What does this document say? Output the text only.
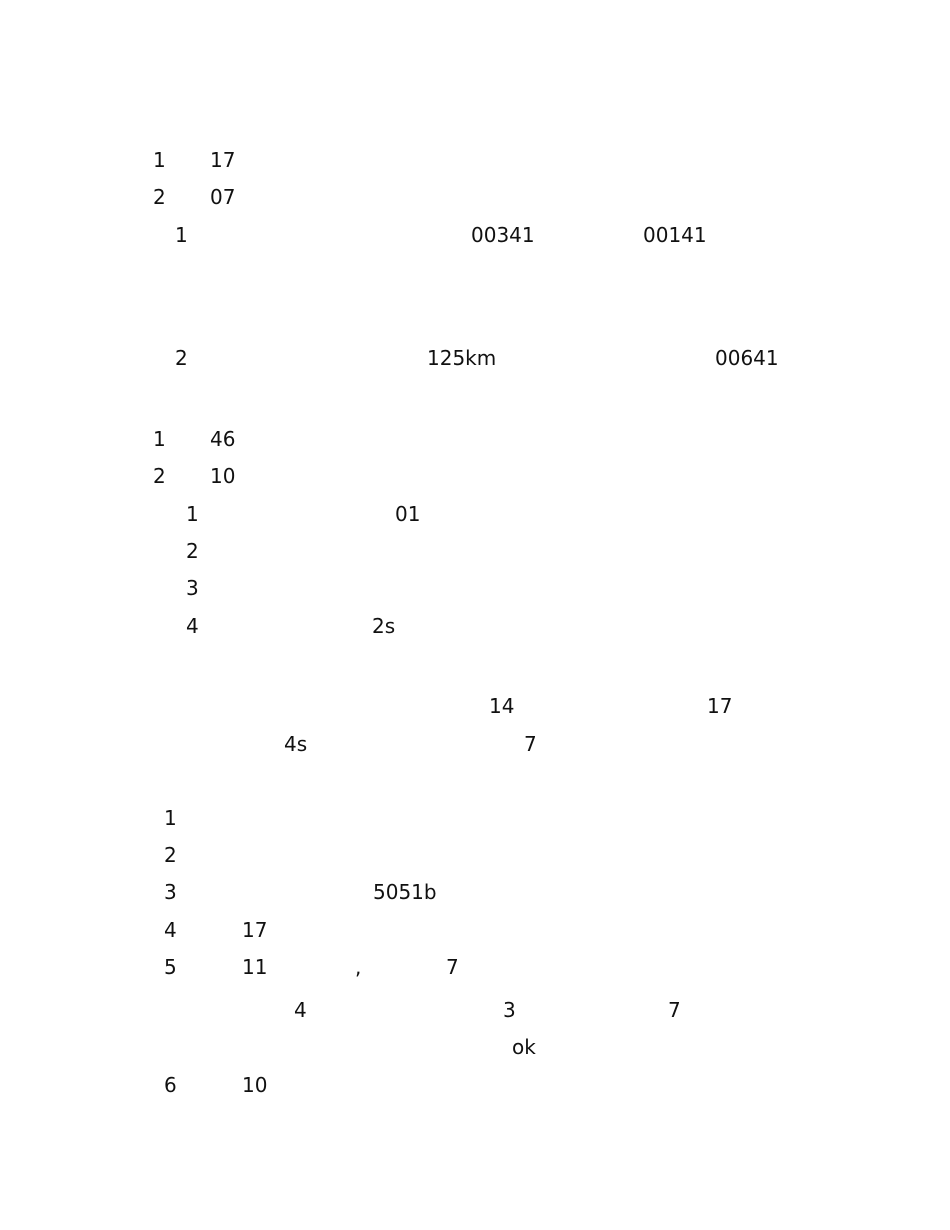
1 17
2 07
1	00341	00141
2	125km	00641
1 46
2 10
1	01
2
3
4	2s
14	17
4s	7
1
2
3	5051b
4	17
5	11	,	7
4	3	7
ok
6	10
